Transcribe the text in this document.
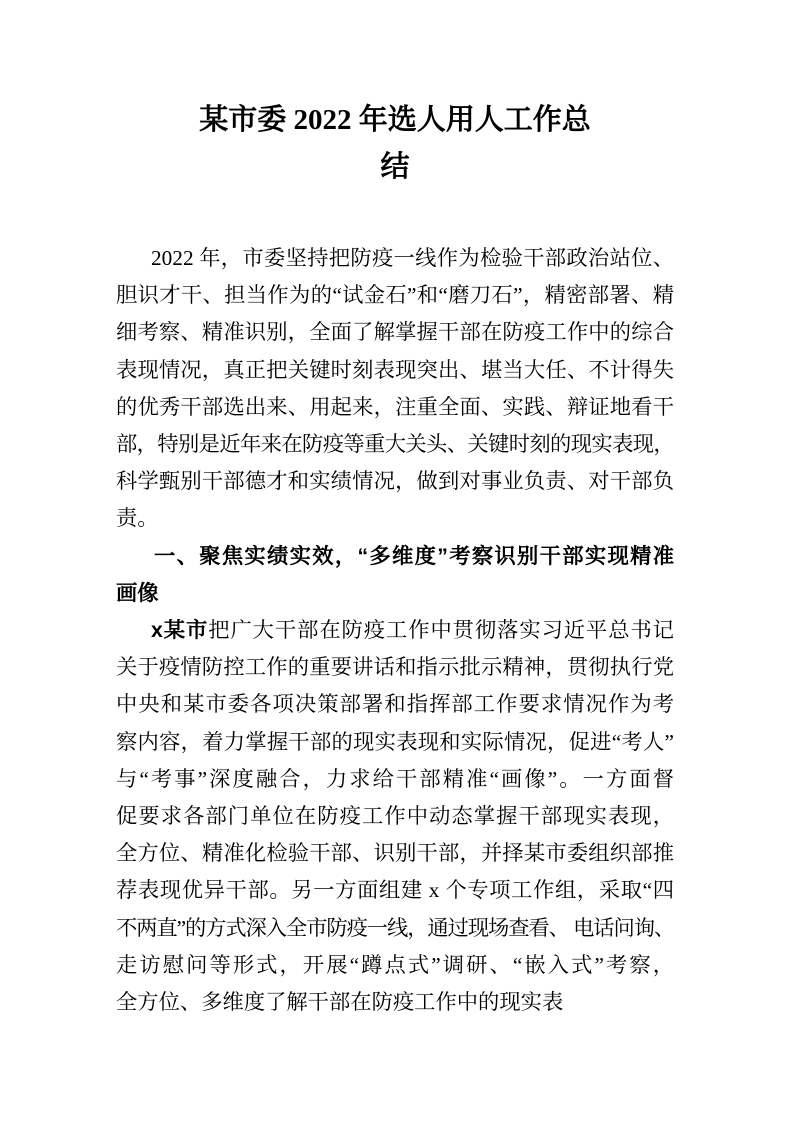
某市委 2022 年选人用人工作总
结
2022 年，市委坚持把防疫一线作为检验干部政治站位、
胆识才干、担当作为的“试金石”和“磨刀石”，精密部署、精
细考察、精准识别，全面了解掌握干部在防疫工作中的综合
表现情况，真正把关键时刻表现突出、堪当大任、不计得失
的优秀干部选出来、用起来，注重全面、实践、辩证地看干
部，特别是近年来在防疫等重大关头、关键时刻的现实表现，
科学甄别干部德才和实绩情况，做到对事业负责、对干部负
责。
一、聚焦实绩实效，“多维度”考察识别干部实现精准
画像
x某市把广大干部在防疫工作中贯彻落实习近平总书记
关于疫情防控工作的重要讲话和指示批示精神，贯彻执行党
中央和某市委各项决策部署和指挥部工作要求情况作为考
察内容，着力掌握干部的现实表现和实际情况，促进“考人”
与“考事”深度融合，力求给干部精准“画像”。一方面督
促要求各部门单位在防疫工作中动态掌握干部现实表现，
全方位、精准化检验干部、识别干部，并择某市委组织部推
荐表现优异干部。另一方面组建 x 个专项工作组，采取“四
不两直”的方式深入全市防疫一线，通过现场查看、 电话问询、
走访慰问等形式，开展“蹲点式”调研、“嵌入式”考察，
全方位、多维度了解干部在防疫工作中的现实表
